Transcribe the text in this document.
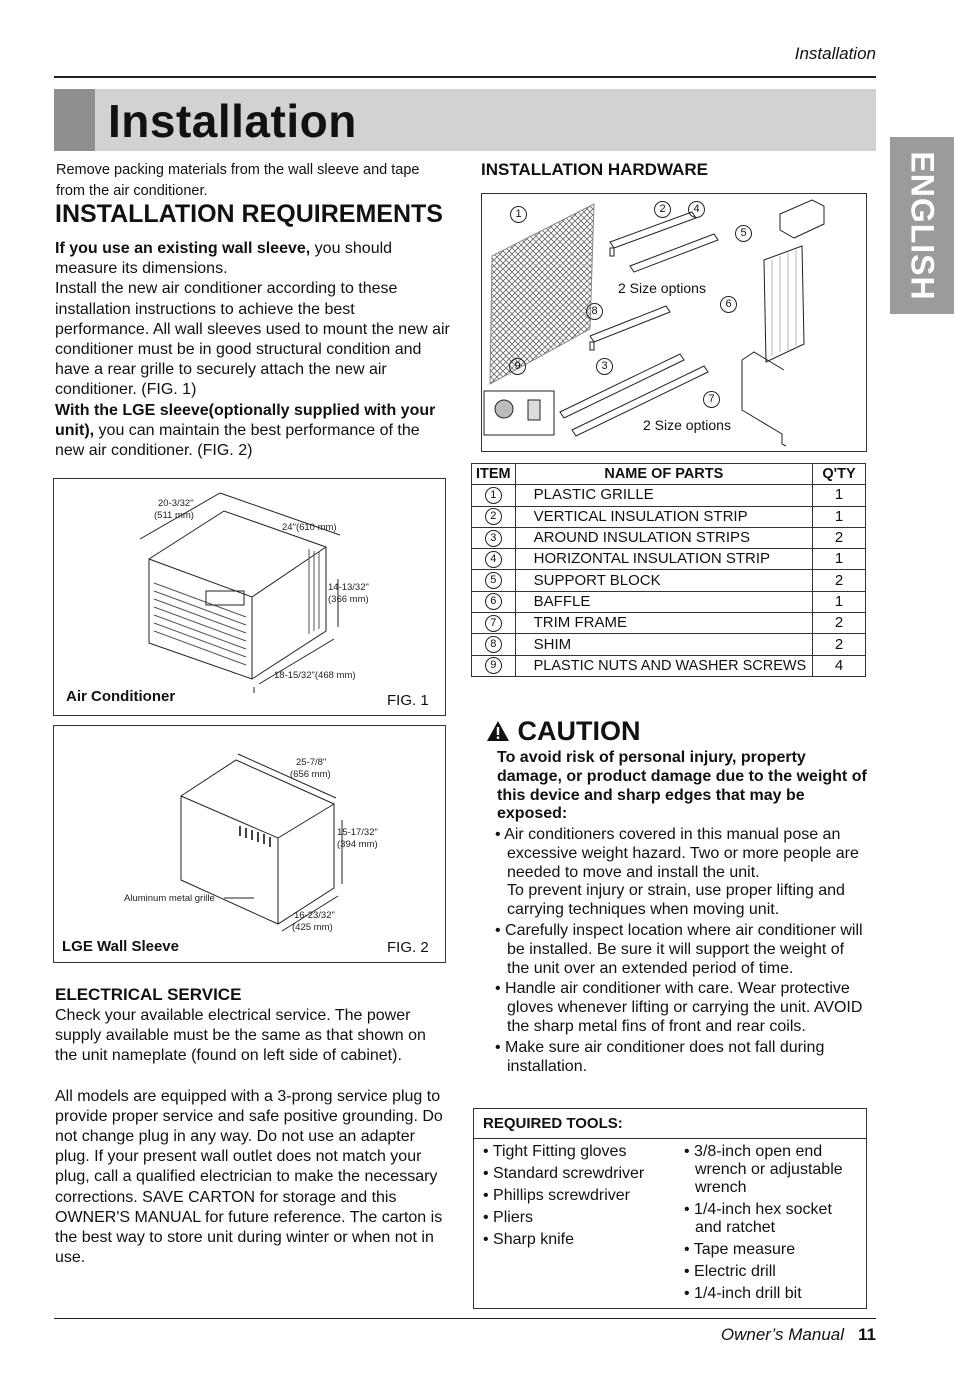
Installation
Installation
ENGLISH
Remove packing materials from the wall sleeve and tape from the air conditioner.
INSTALLATION REQUIREMENTS
If you use an existing wall sleeve, you should measure its dimensions.
Install the new air conditioner according to these installation instructions to achieve the best performance. All wall sleeves used to mount the new air conditioner must be in good structural condition and have a rear grille to securely attach the new air conditioner. (FIG. 1)
With the LGE sleeve(optionally supplied with your unit), you can maintain the best performance of the new air conditioner. (FIG. 2)
20-3/32"
(511 mm)
24"(610 mm)
14-13/32"
(366 mm)
18-15/32"(468 mm)
Air Conditioner	FIG. 1
25-7/8"
(656 mm)
15-17/32"
(394 mm)
16-23/32"
(425 mm)
Aluminum metal grille
LGE Wall Sleeve	FIG. 2
ELECTRICAL SERVICE
Check your available electrical service. The power supply available must be the same as that shown on the unit nameplate (found on left side of cabinet).
All models are equipped with a 3-prong service plug to provide proper service and safe positive grounding. Do not change plug in any way. Do not use an adapter plug. If your present wall outlet does not match your plug, call a qualified electrician to make the necessary corrections. SAVE CARTON for storage and this OWNER'S MANUAL for future reference. The carton is the best way to store unit during winter or when not in use.
INSTALLATION HARDWARE
1	2	4
5
6
8
9	3
7
2 Size options
2 Size options
ITEM	NAME OF PARTS	Q'TY
1	PLASTIC GRILLE	1
2	VERTICAL INSULATION STRIP	1
3	AROUND INSULATION STRIPS	2
4	HORIZONTAL INSULATION STRIP	1
5	SUPPORT BLOCK	2
6	BAFFLE	1
7	TRIM FRAME	2
8	SHIM	2
9	PLASTIC NUTS AND WASHER SCREWS	4
CAUTION
To avoid risk of personal injury, property damage, or product damage due to the weight of this device and sharp edges that may be exposed:
• Air conditioners covered in this manual pose an excessive weight hazard. Two or more people are needed to move and install the unit.
To prevent injury or strain, use proper lifting and carrying techniques when moving unit.
• Carefully inspect location where air conditioner will be installed. Be sure it will support the weight of the unit over an extended period of time.
• Handle air conditioner with care. Wear protective gloves whenever lifting or carrying the unit. AVOID the sharp metal fins of front and rear coils.
• Make sure air conditioner does not fall during installation.
REQUIRED TOOLS:
• Tight Fitting gloves
• Standard screwdriver
• Phillips screwdriver
• Pliers
• Sharp knife
• 3/8-inch open end wrench or adjustable wrench
• 1/4-inch hex socket and ratchet
• Tape measure
• Electric drill
• 1/4-inch drill bit
Owner’s Manual 11
